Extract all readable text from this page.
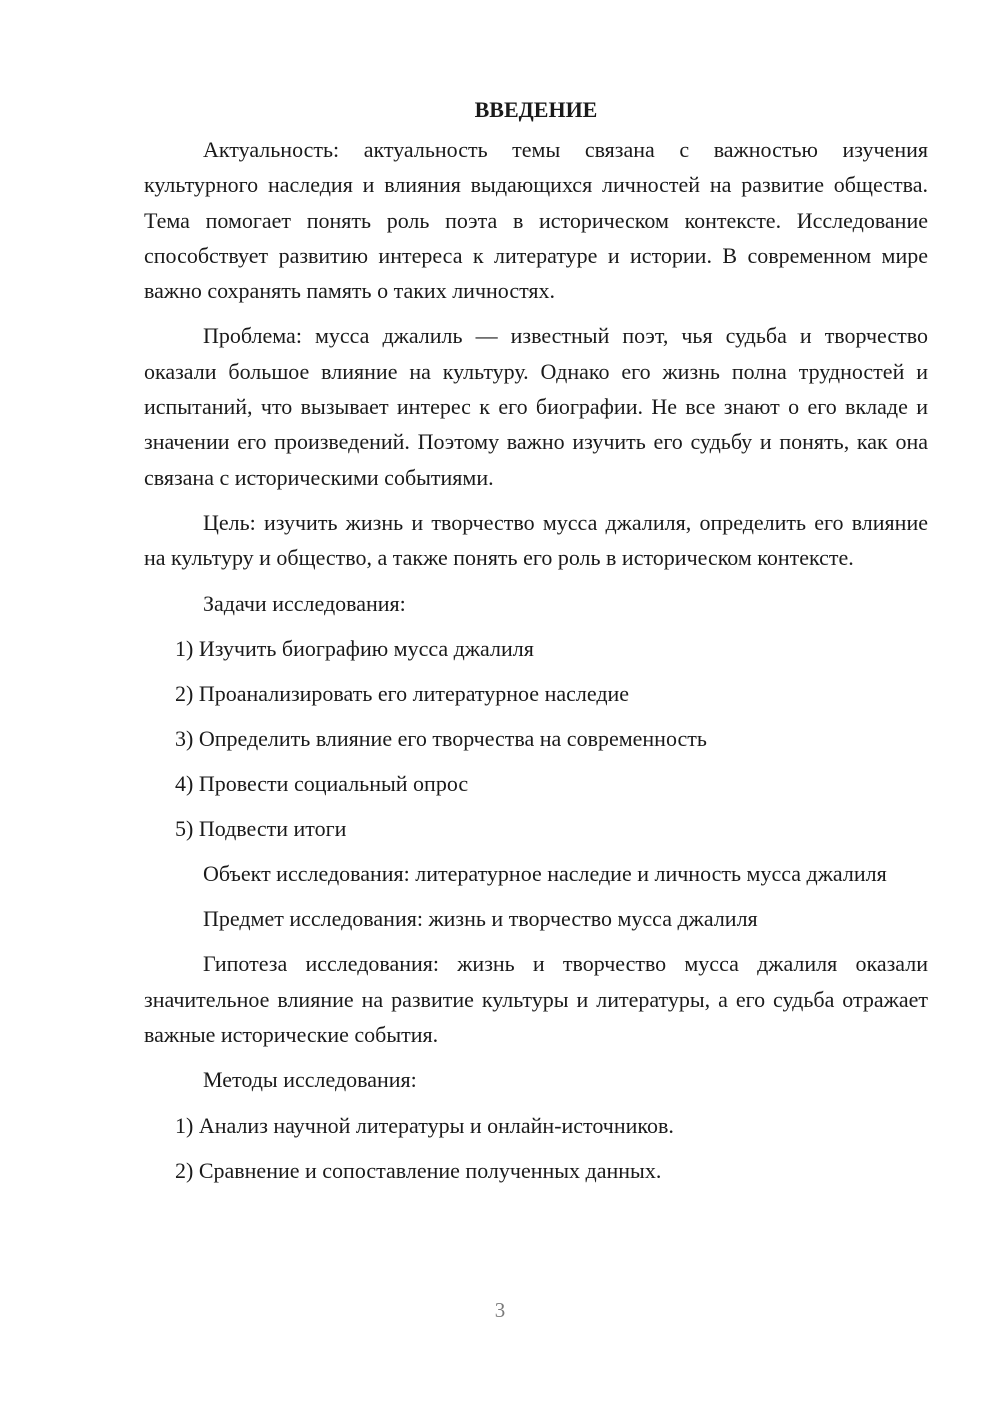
ВВЕДЕНИЕ

Актуальность: актуальность темы связана с важностью изучения культурного наследия и влияния выдающихся личностей на развитие общества. Тема помогает понять роль поэта в историческом контексте. Исследование способствует развитию интереса к литературе и истории. В современном мире важно сохранять память о таких личностях.

Проблема: мусса джалиль — известный поэт, чья судьба и творчество оказали большое влияние на культуру. Однако его жизнь полна трудностей и испытаний, что вызывает интерес к его биографии. Не все знают о его вкладе и значении его произведений. Поэтому важно изучить его судьбу и понять, как она связана с историческими событиями.

Цель: изучить жизнь и творчество мусса джалиля, определить его влияние на культуру и общество, а также понять его роль в историческом контексте.

Задачи исследования:

1) Изучить биографию мусса джалиля
2) Проанализировать его литературное наследие
3) Определить влияние его творчества на современность
4) Провести социальный опрос
5) Подвести итоги

Объект исследования: литературное наследие и личность мусса джалиля

Предмет исследования: жизнь и творчество мусса джалиля

Гипотеза исследования: жизнь и творчество мусса джалиля оказали значительное влияние на развитие культуры и литературы, а его судьба отражает важные исторические события.

Методы исследования:

1) Анализ научной литературы и онлайн-источников.
2) Сравнение и сопоставление полученных данных.
3
